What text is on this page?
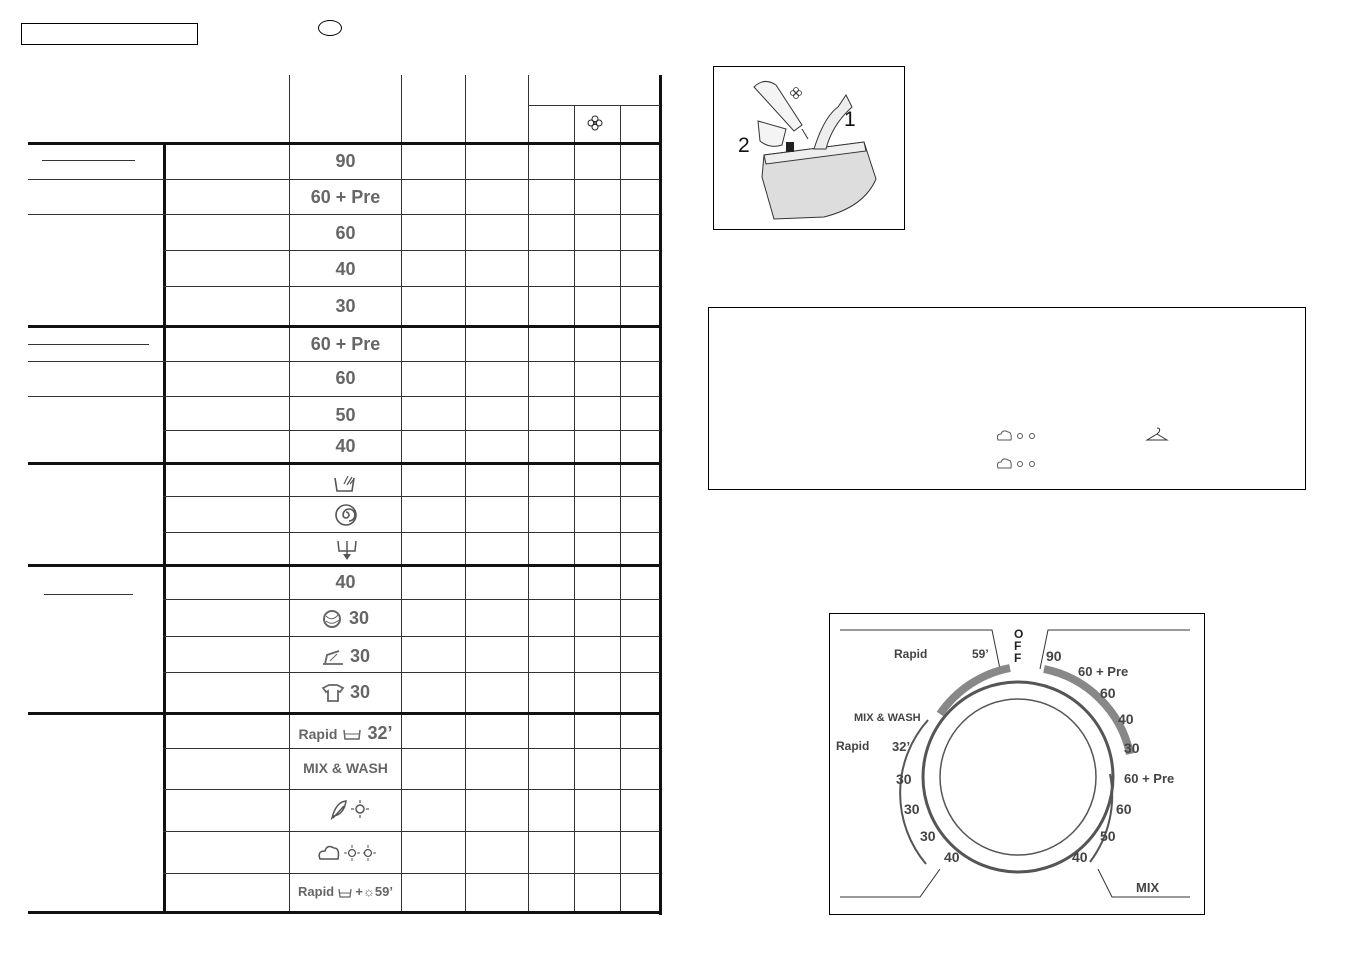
90
60 + Pre
60
40
30
60 + Pre
60
50
40
40
30
30
30
Rapid 32’
MIX & WASH
Rapid +☼59’
1
2
OFF
Rapid	59’
MIX & WASH
Rapid 32’
30
30
30
40
90
60 + Pre
60
40
30
60 + Pre
60
50
40
MIX
